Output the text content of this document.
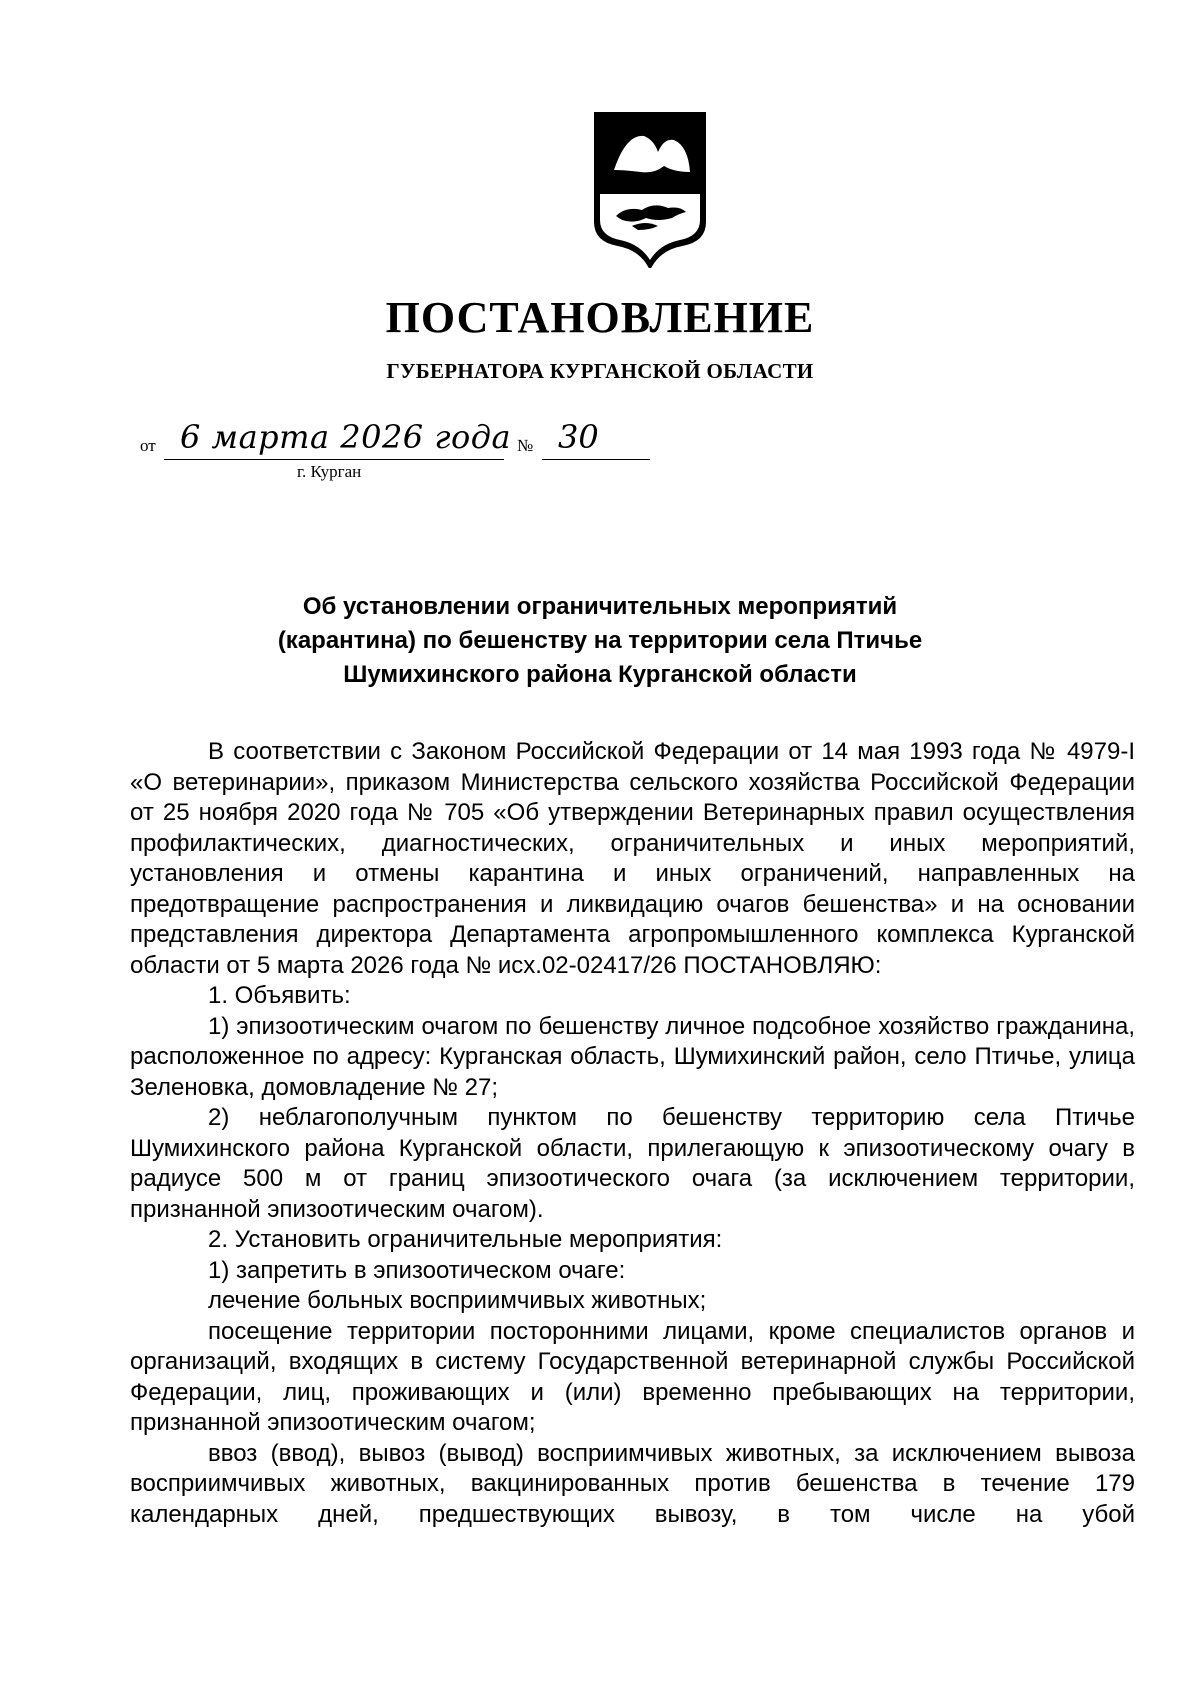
ПОСТАНОВЛЕНИЕ
ГУБЕРНАТОРА КУРГАНСКОЙ ОБЛАСТИ
от 6 марта 2026 года № 30
г. Курган
Об установлении ограничительных мероприятий
(карантина) по бешенству на территории села Птичье
Шумихинского района Курганской области

В соответствии с Законом Российской Федерации от 14 мая 1993 года № 4979-I «О ветеринарии», приказом Министерства сельского хозяйства Российской Федерации от 25 ноября 2020 года № 705 «Об утверждении Ветеринарных правил осуществления профилактических, диагностических, ограничительных и иных мероприятий, установления и отмены карантина и иных ограничений, направленных на предотвращение распространения и ликвидацию очагов бешенства» и на основании представления директора Департамента агропромышленного комплекса Курганской области от 5 марта 2026 года № исх.02-02417/26 ПОСТАНОВЛЯЮ:

1. Объявить:

1) эпизоотическим очагом по бешенству личное подсобное хозяйство гражданина, расположенное по адресу: Курганская область, Шумихинский район, село Птичье, улица Зеленовка, домовладение № 27;

2) неблагополучным пунктом по бешенству территорию села Птичье Шумихинского района Курганской области, прилегающую к эпизоотическому очагу в радиусе 500 м от границ эпизоотического очага (за исключением территории, признанной эпизоотическим очагом).

2. Установить ограничительные мероприятия:

1) запретить в эпизоотическом очаге:

лечение больных восприимчивых животных;

посещение территории посторонними лицами, кроме специалистов органов и организаций, входящих в систему Государственной ветеринарной службы Российской Федерации, лиц, проживающих и (или) временно пребывающих на территории, признанной эпизоотическим очагом;

ввоз (ввод), вывоз (вывод) восприимчивых животных, за исключением вывоза восприимчивых животных, вакцинированных против бешенства в течение 179 календарных дней, предшествующих вывозу, в том числе на убой
